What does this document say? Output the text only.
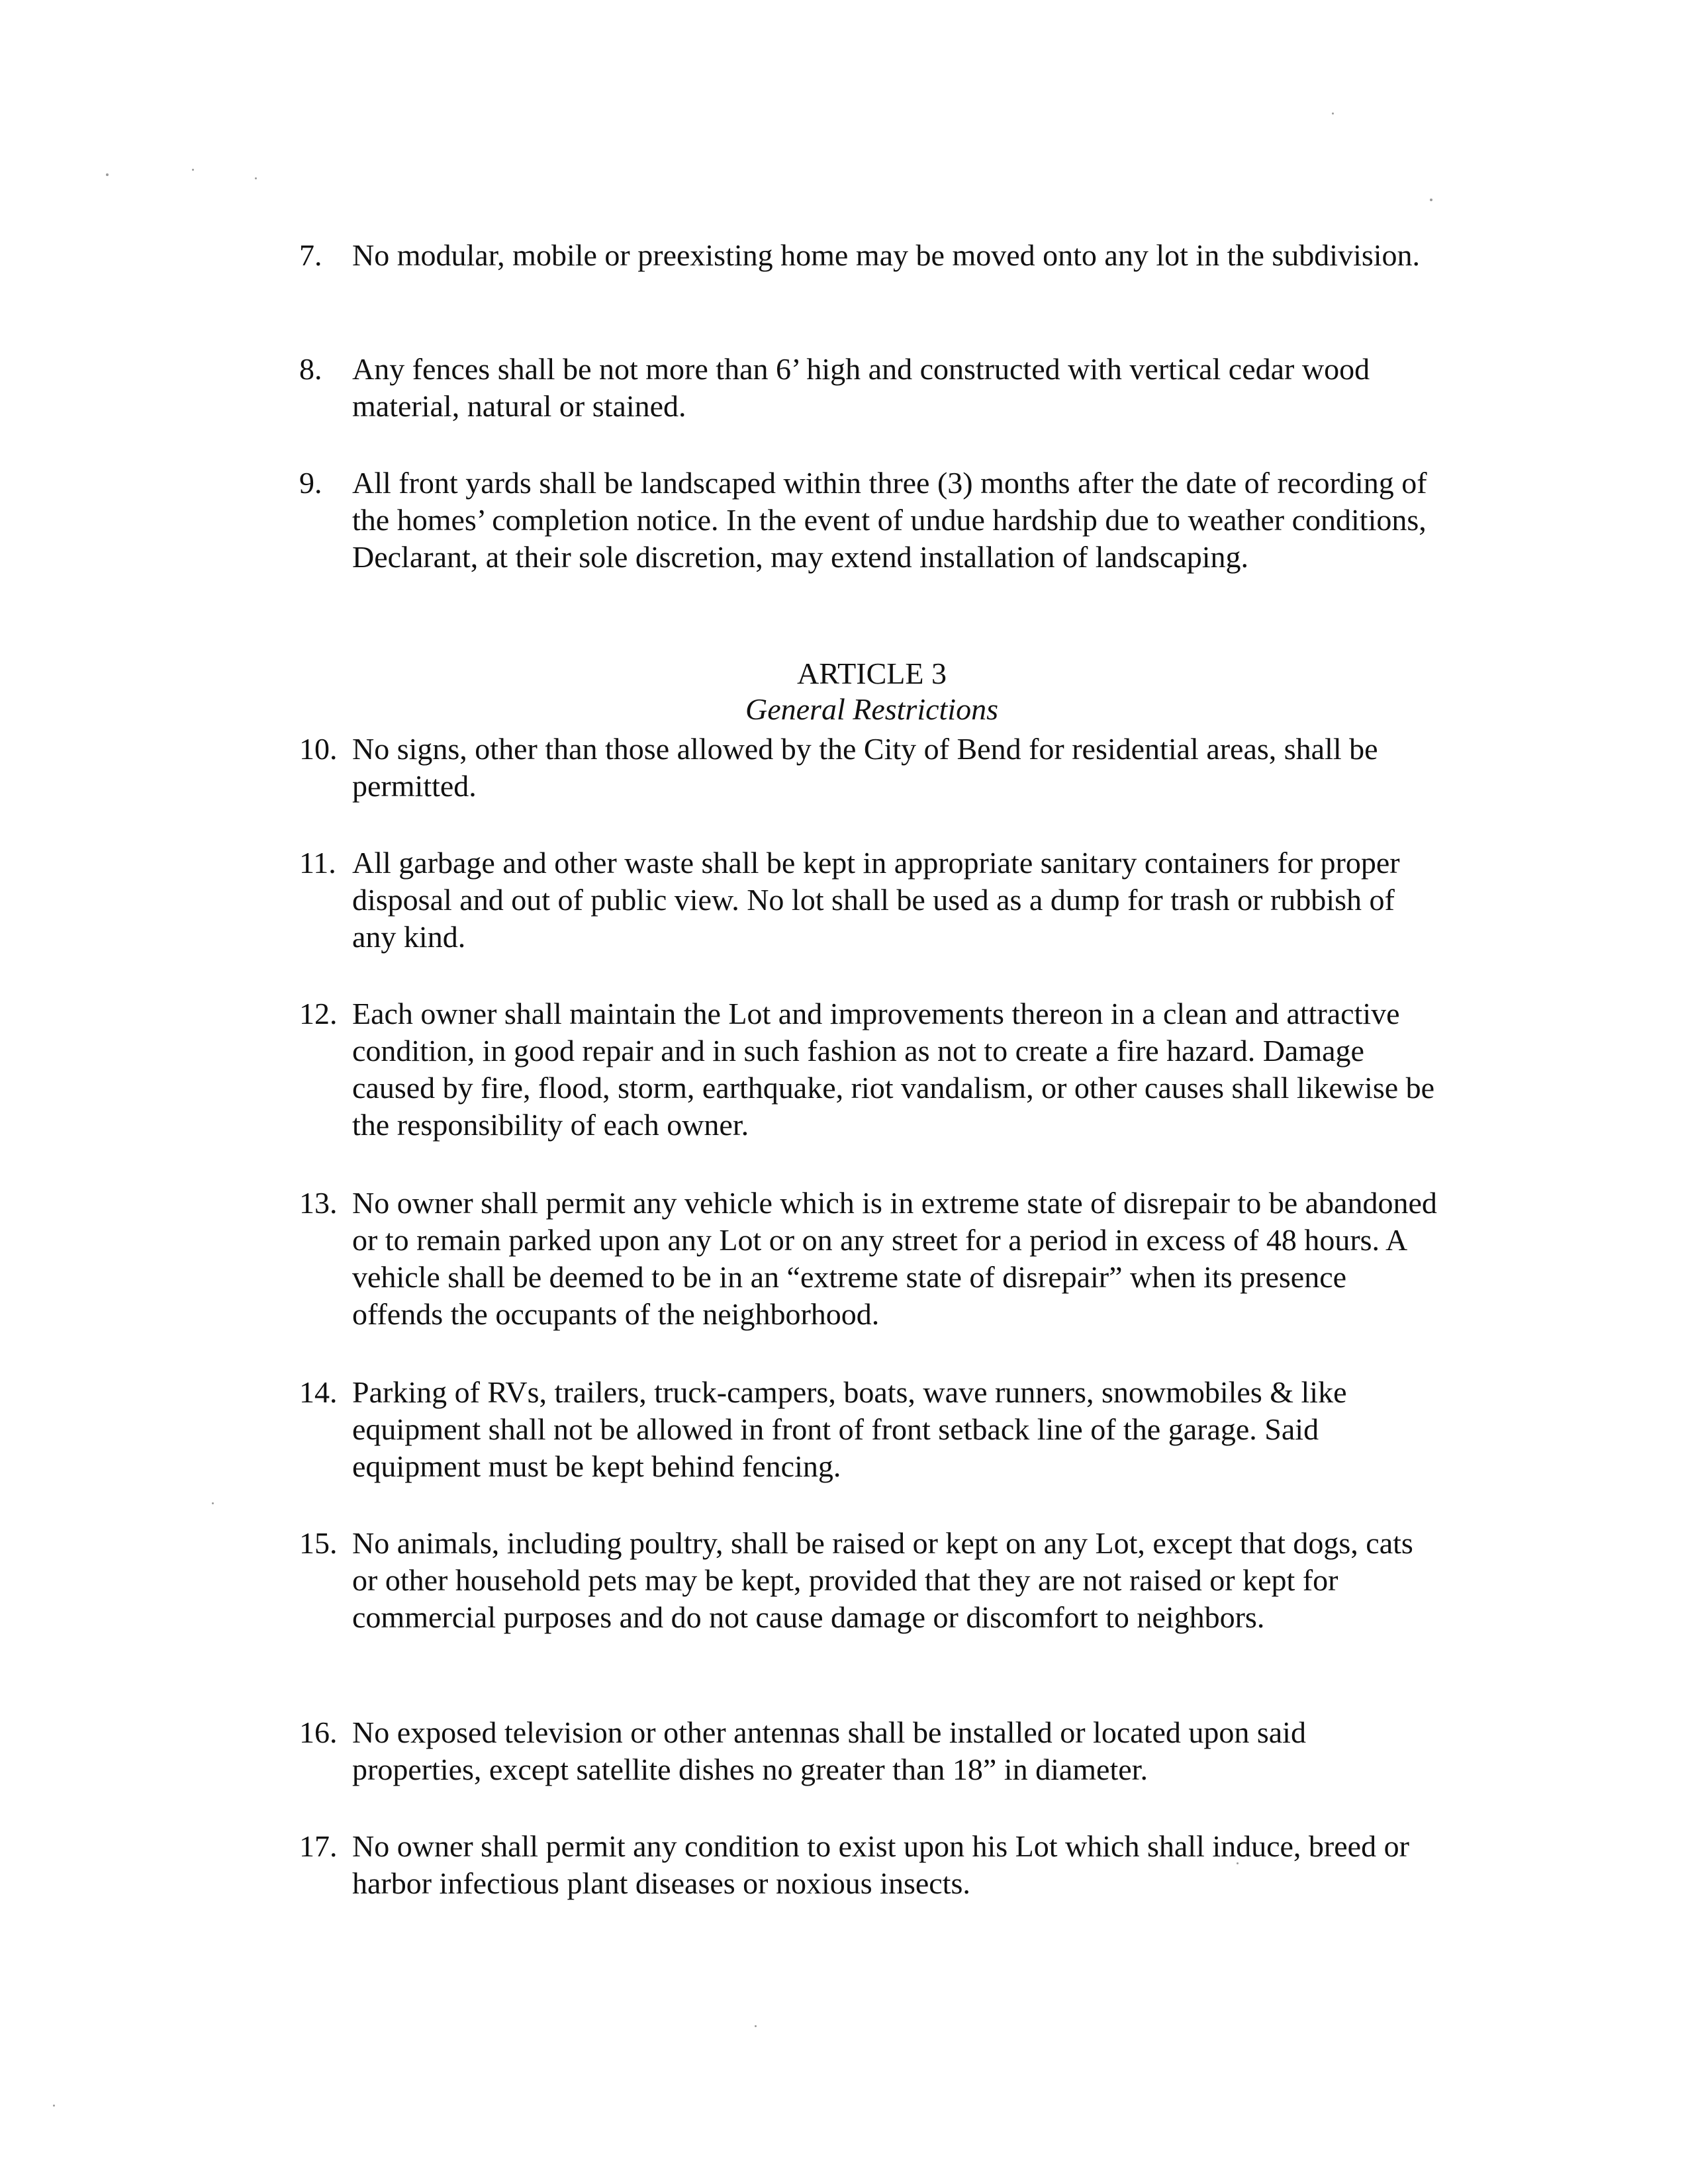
7. No modular, mobile or preexisting home may be moved onto any lot in the subdivision.
8. Any fences shall be not more than 6’ high and constructed with vertical cedar wood material, natural or stained.
9. All front yards shall be landscaped within three (3) months after the date of recording of the homes’ completion notice. In the event of undue hardship due to weather conditions, Declarant, at their sole discretion, may extend installation of landscaping.
ARTICLE 3
General Restrictions
10. No signs, other than those allowed by the City of Bend for residential areas, shall be permitted.
11. All garbage and other waste shall be kept in appropriate sanitary containers for proper disposal and out of public view. No lot shall be used as a dump for trash or rubbish of any kind.
12. Each owner shall maintain the Lot and improvements thereon in a clean and attractive condition, in good repair and in such fashion as not to create a fire hazard. Damage caused by fire, flood, storm, earthquake, riot vandalism, or other causes shall likewise be the responsibility of each owner.
13. No owner shall permit any vehicle which is in extreme state of disrepair to be abandoned or to remain parked upon any Lot or on any street for a period in excess of 48 hours. A vehicle shall be deemed to be in an “extreme state of disrepair” when its presence offends the occupants of the neighborhood.
14. Parking of RVs, trailers, truck-campers, boats, wave runners, snowmobiles & like equipment shall not be allowed in front of front setback line of the garage. Said equipment must be kept behind fencing.
15. No animals, including poultry, shall be raised or kept on any Lot, except that dogs, cats or other household pets may be kept, provided that they are not raised or kept for commercial purposes and do not cause damage or discomfort to neighbors.
16. No exposed television or other antennas shall be installed or located upon said properties, except satellite dishes no greater than 18” in diameter.
17. No owner shall permit any condition to exist upon his Lot which shall induce, breed or harbor infectious plant diseases or noxious insects.
